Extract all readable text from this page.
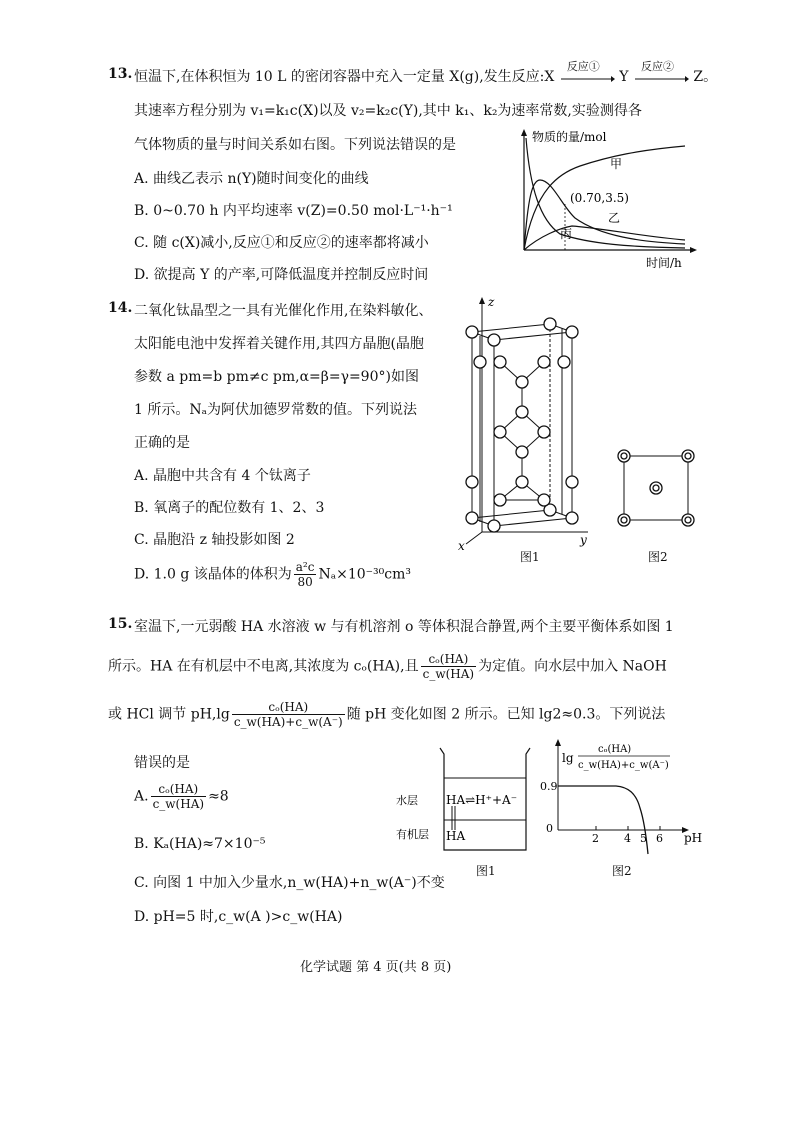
13. 恒温下,在体积恒为 10 L 的密闭容器中充入一定量 X(g),发生反应:X
反应①
Y
反应②
Z。
其速率方程分别为 v₁=k₁c(X)以及 v₂=k₂c(Y),其中 k₁、k₂为速率常数,实验测得各
气体物质的量与时间关系如右图。下列说法错误的是
A. 曲线乙表示 n(Y)随时间变化的曲线
B. 0~0.70 h 内平均速率 v(Z)=0.50 mol·L⁻¹·h⁻¹
C. 随 c(X)减小,反应①和反应②的速率都将减小
D. 欲提高 Y 的产率,可降低温度并控制反应时间
物质的量/mol
时间/h
甲
(0.70,3.5)
乙
丙
14. 二氧化钛晶型之一具有光催化作用,在染料敏化、
太阳能电池中发挥着关键作用,其四方晶胞(晶胞
参数 a pm=b pm≠c pm,α=β=γ=90°)如图
1 所示。Nₐ为阿伏加德罗常数的值。下列说法
正确的是
A. 晶胞中共含有 4 个钛离子
B. 氧离子的配位数有 1、2、3
C. 晶胞沿 z 轴投影如图 2
D. 1.0 g 该晶体的体积为 $\frac{\text{a²c}}{80} N_a\times 10^{-30}cm^3$
z
x	y
图1	图2
15. 室温下,一元弱酸 HA 水溶液 w 与有机溶剂 o 等体积混合静置,两个主要平衡体系如图 1
所示。HA 在有机层中不电离,其浓度为 cₒ(HA),且 $\frac{\text{cₒ(HA)}}{c\_w(HA)}$ 为定值。向水层中加入 NaOH
或 HCl 调节 $pH,\lg \frac{\text{cₒ(HA)}}{c\_w(HA)+c\_w(A^-)}$ 随 pH 变化如图 2 所示。已知 lg2≈0.3。下列说法
错误的是
A. $\frac{\text{cₒ(HA)}}{c\_w(HA)} \approx 8$
B. Kₐ(HA)≈7×10⁻⁵
C. 向图 1 中加入少量水,n_w(HA)+n_w(A⁻)不变
D. pH=5 时,c_w(A )>c_w(HA)
水层 HA⇌H⁺+A⁻
有机层 HA
图1
lg
cₒ(HA)
c_w(HA)+c_w(A⁻)
0.9
0
2 4 5 6 pH
图2
化学试题 第 4 页(共 8 页)
